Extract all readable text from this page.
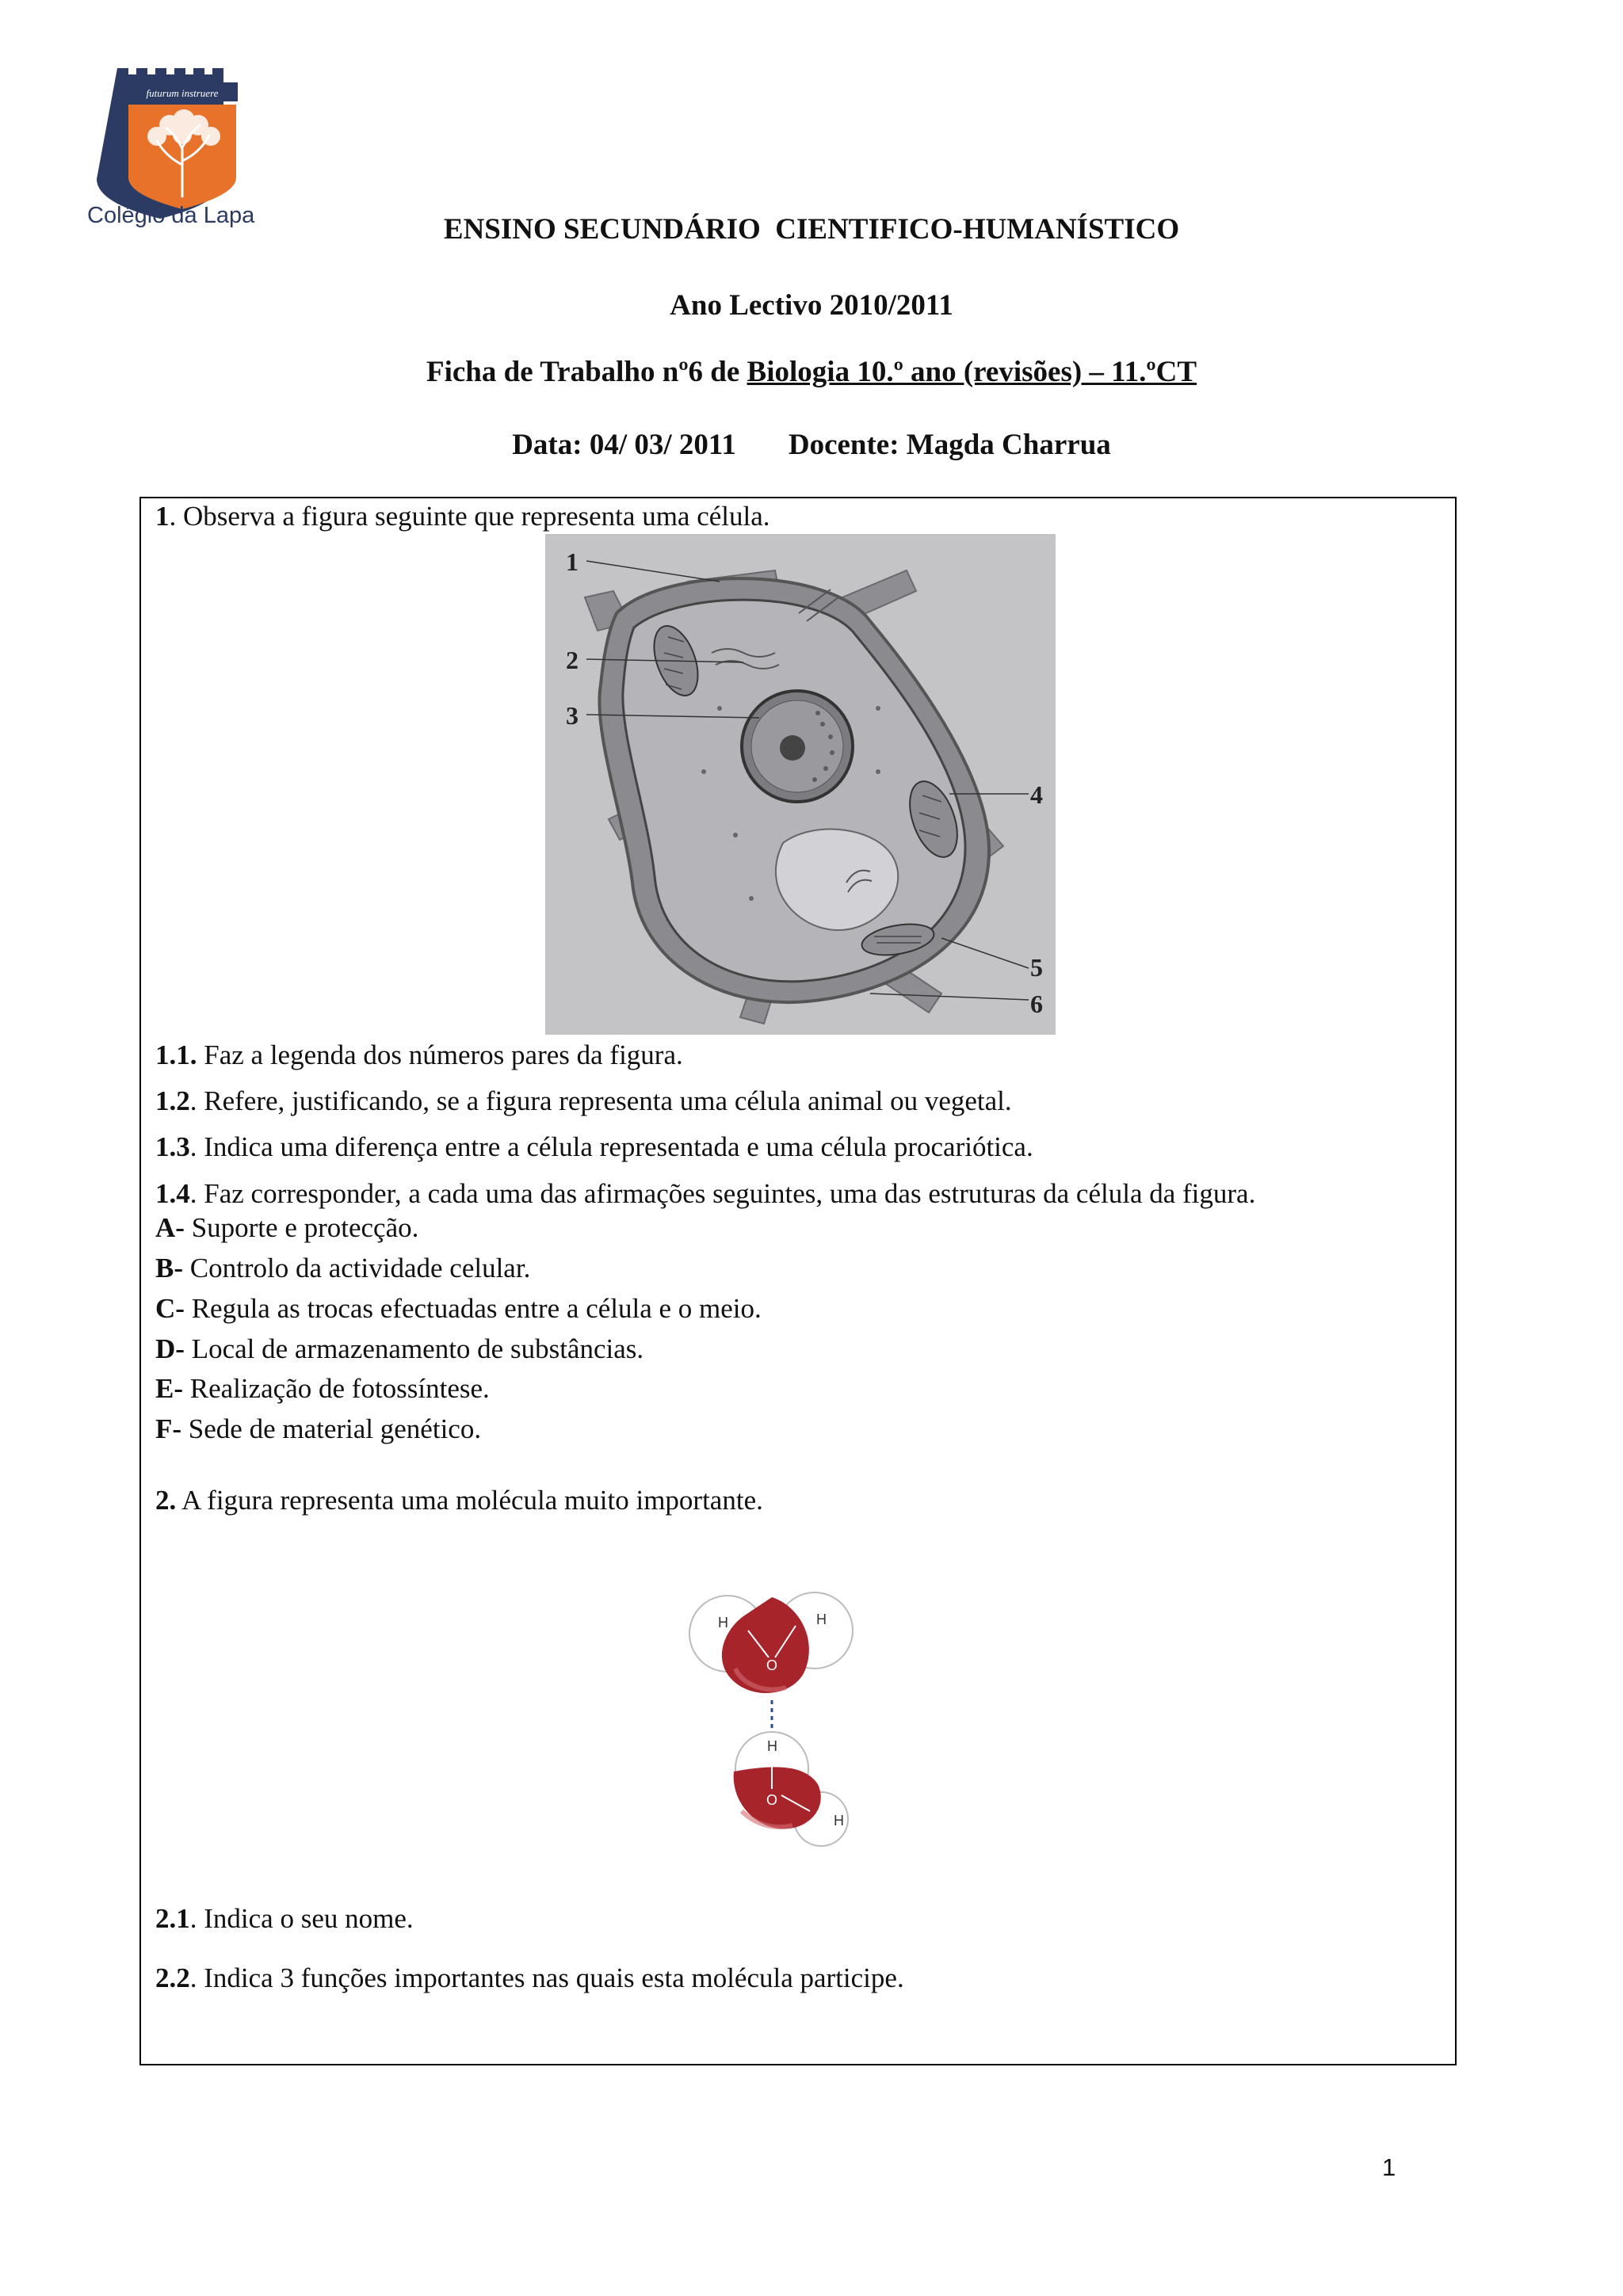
futurum instruere
Colégio da Lapa	ENSINO SECUNDÁRIO  CIENTIFICO-HUMANÍSTICO
Ano Lectivo 2010/2011
Ficha de Trabalho nº6 de Biologia 10.º ano (revisões) – 11.ºCT
Data: 04/ 03/ 2011 Docente: Magda Charrua
1. Observa a figura seguinte que representa uma célula.
1
2
3
4
5
6
1.1. Faz a legenda dos números pares da figura.
1.2. Refere, justificando, se a figura representa uma célula animal ou vegetal.
1.3. Indica uma diferença entre a célula representada e uma célula procariótica.
1.4. Faz corresponder, a cada uma das afirmações seguintes, uma das estruturas da célula da figura.
A- Suporte e protecção.
B- Controlo da actividade celular.
C- Regula as trocas efectuadas entre a célula e o meio.
D- Local de armazenamento de substâncias.
E- Realização de fotossíntese.
F- Sede de material genético.
2. A figura representa uma molécula muito importante.
H	H
O
H
O
H
2.1. Indica o seu nome.
2.2. Indica 3 funções importantes nas quais esta molécula participe.
1
